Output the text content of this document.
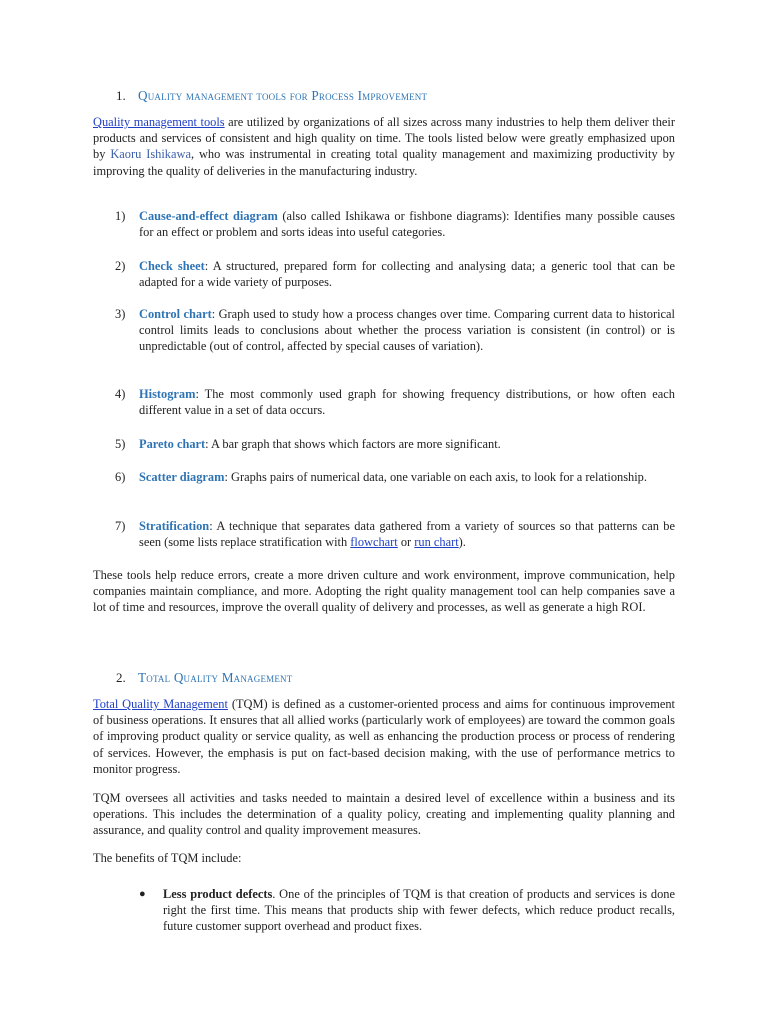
1. Quality management tools for Process Improvement
Quality management tools are utilized by organizations of all sizes across many industries to help them deliver their products and services of consistent and high quality on time. The tools listed below were greatly emphasized upon by Kaoru Ishikawa, who was instrumental in creating total quality management and maximizing productivity by improving the quality of deliveries in the manufacturing industry.
1)	Cause-and-effect diagram (also called Ishikawa or fishbone diagrams): Identifies many possible causes for an effect or problem and sorts ideas into useful categories.
2)	Check sheet: A structured, prepared form for collecting and analysing data; a generic tool that can be adapted for a wide variety of purposes.
3)	Control chart: Graph used to study how a process changes over time. Comparing current data to historical control limits leads to conclusions about whether the process variation is consistent (in control) or is unpredictable (out of control, affected by special causes of variation).
4)	Histogram: The most commonly used graph for showing frequency distributions, or how often each different value in a set of data occurs.
5)	Pareto chart: A bar graph that shows which factors are more significant.
6)	Scatter diagram: Graphs pairs of numerical data, one variable on each axis, to look for a relationship.
7)	Stratification: A technique that separates data gathered from a variety of sources so that patterns can be seen (some lists replace stratification with flowchart or run chart).
These tools help reduce errors, create a more driven culture and work environment, improve communication, help companies maintain compliance, and more. Adopting the right quality management tool can help companies save a lot of time and resources, improve the overall quality of delivery and processes, as well as generate a high ROI.
2. Total Quality Management
Total Quality Management (TQM) is defined as a customer-oriented process and aims for continuous improvement of business operations. It ensures that all allied works (particularly work of employees) are toward the common goals of improving product quality or service quality, as well as enhancing the production process or process of rendering of services. However, the emphasis is put on fact-based decision making, with the use of performance metrics to monitor progress.
TQM oversees all activities and tasks needed to maintain a desired level of excellence within a business and its operations. This includes the determination of a quality policy, creating and implementing quality planning and assurance, and quality control and quality improvement measures.
The benefits of TQM include:
●	Less product defects. One of the principles of TQM is that creation of products and services is done right the first time. This means that products ship with fewer defects, which reduce product recalls, future customer support overhead and product fixes.
